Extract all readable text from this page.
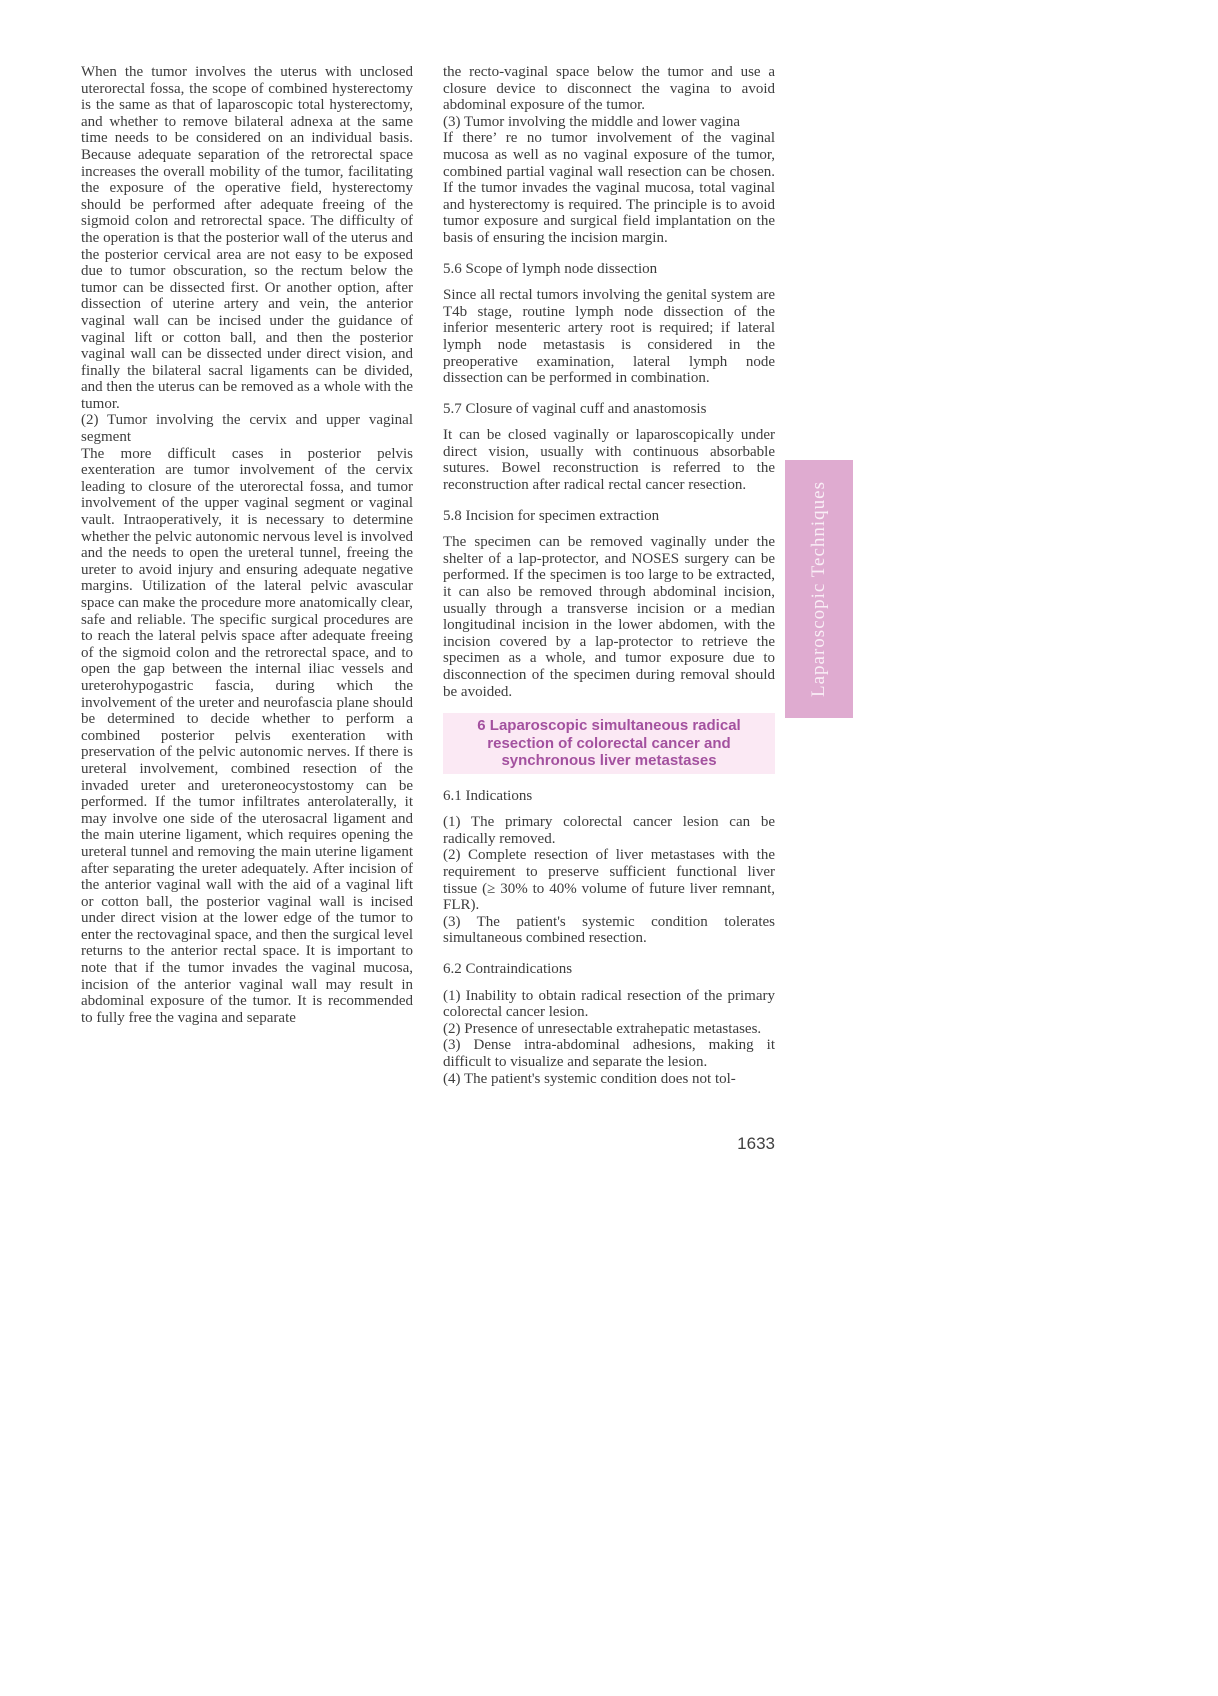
When the tumor involves the uterus with unclosed uterorectal fossa, the scope of combined hysterectomy is the same as that of laparoscopic total hysterectomy, and whether to remove bilateral adnexa at the same time needs to be considered on an individual basis. Because adequate separation of the retrorectal space increases the overall mobility of the tumor, facilitating the exposure of the operative field, hysterectomy should be performed after adequate freeing of the sigmoid colon and retrorectal space. The difficulty of the operation is that the posterior wall of the uterus and the posterior cervical area are not easy to be exposed due to tumor obscuration, so the rectum below the tumor can be dissected first. Or another option, after dissection of uterine artery and vein, the anterior vaginal wall can be incised under the guidance of vaginal lift or cotton ball, and then the posterior vaginal wall can be dissected under direct vision, and finally the bilateral sacral ligaments can be divided, and then the uterus can be removed as a whole with the tumor.

(2) Tumor involving the cervix and upper vaginal segment

The more difficult cases in posterior pelvis exenteration are tumor involvement of the cervix leading to closure of the uterorectal fossa, and tumor involvement of the upper vaginal segment or vaginal vault. Intraoperatively, it is necessary to determine whether the pelvic autonomic nervous level is involved and the needs to open the ureteral tunnel, freeing the ureter to avoid injury and ensuring adequate negative margins. Utilization of the lateral pelvic avascular space can make the procedure more anatomically clear, safe and reliable. The specific surgical procedures are to reach the lateral pelvis space after adequate freeing of the sigmoid colon and the retrorectal space, and to open the gap between the internal iliac vessels and ureterohypogastric fascia, during which the involvement of the ureter and neurofascia plane should be determined to decide whether to perform a combined posterior pelvis exenteration with preservation of the pelvic autonomic nerves. If there is ureteral involvement, combined resection of the invaded ureter and ureteroneocystostomy can be performed. If the tumor infiltrates anterolaterally, it may involve one side of the uterosacral ligament and the main uterine ligament, which requires opening the ureteral tunnel and removing the main uterine ligament after separating the ureter adequately. After incision of the anterior vaginal wall with the aid of a vaginal lift or cotton ball, the posterior vaginal wall is incised under direct vision at the lower edge of the tumor to enter the rectovaginal space, and then the surgical level returns to the anterior rectal space. It is important to note that if the tumor invades the vaginal mucosa, incision of the anterior vaginal wall may result in abdominal exposure of the tumor. It is recommended to fully free the vagina and separate

the recto-vaginal space below the tumor and use a closure device to disconnect the vagina to avoid abdominal exposure of the tumor.

(3) Tumor involving the middle and lower vagina

If there’ re no tumor involvement of the vaginal mucosa as well as no vaginal exposure of the tumor, combined partial vaginal wall resection can be chosen. If the tumor invades the vaginal mucosa, total vaginal and hysterectomy is required. The principle is to avoid tumor exposure and surgical field implantation on the basis of ensuring the incision margin.

5.6 Scope of lymph node dissection

Since all rectal tumors involving the genital system are T4b stage, routine lymph node dissection of the inferior mesenteric artery root is required; if lateral lymph node metastasis is considered in the preoperative examination, lateral lymph node dissection can be performed in combination.

5.7 Closure of vaginal cuff and anastomosis

It can be closed vaginally or laparoscopically under direct vision, usually with continuous absorbable sutures. Bowel reconstruction is referred to the reconstruction after radical rectal cancer resection.

5.8 Incision for specimen extraction

The specimen can be removed vaginally under the shelter of a lap-protector, and NOSES surgery can be performed. If the specimen is too large to be extracted, it can also be removed through abdominal incision, usually through a transverse incision or a median longitudinal incision in the lower abdomen, with the incision covered by a lap-protector to retrieve the specimen as a whole, and tumor exposure due to disconnection of the specimen during removal should be avoided.

6 Laparoscopic simultaneous radical
resection of colorectal cancer and
synchronous liver metastases
6.1 Indications

(1) The primary colorectal cancer lesion can be radically removed.

(2) Complete resection of liver metastases with the requirement to preserve sufficient functional liver tissue (≥ 30% to 40% volume of future liver remnant, FLR).

(3) The patient's systemic condition tolerates simultaneous combined resection.

6.2 Contraindications

(1) Inability to obtain radical resection of the primary colorectal cancer lesion.

(2) Presence of unresectable extrahepatic metastases.

(3) Dense intra-abdominal adhesions, making it difficult to visualize and separate the lesion.

(4) The patient's systemic condition does not tol-

Laparoscopic Techniques
1633
